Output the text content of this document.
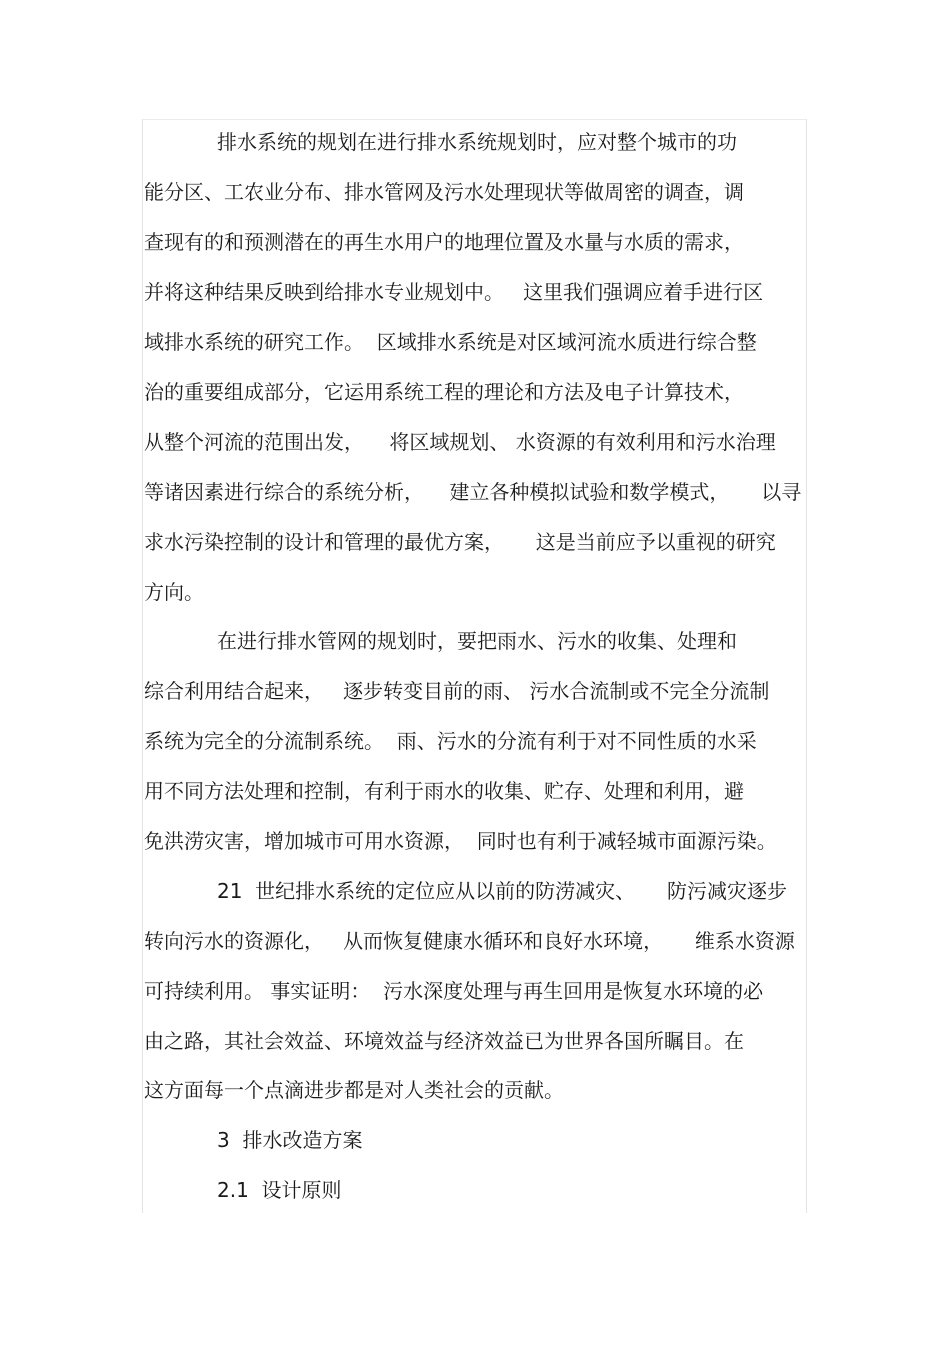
排水系统的规划在进行排水系统规划时，应对整个城市的功
能分区、工农业分布、排水管网及污水处理现状等做周密的调查，调
查现有的和预测潜在的再生水用户的地理位置及水量与水质的需求，
并将这种结果反映到给排水专业规划中。   这里我们强调应着手进行区
域排水系统的研究工作。  区域排水系统是对区域河流水质进行综合整
治的重要组成部分，它运用系统工程的理论和方法及电子计算技术，
从整个河流的范围出发，    将区域规划、 水资源的有效利用和污水治理
等诸因素进行综合的系统分析，    建立各种模拟试验和数学模式，     以寻
求水污染控制的设计和管理的最优方案，     这是当前应予以重视的研究
方向。
在进行排水管网的规划时，要把雨水、污水的收集、处理和
综合利用结合起来，   逐步转变目前的雨、 污水合流制或不完全分流制
系统为完全的分流制系统。  雨、污水的分流有利于对不同性质的水采
用不同方法处理和控制，有利于雨水的收集、贮存、处理和利用，避
免洪涝灾害，增加城市可用水资源，  同时也有利于减轻城市面源污染。
21  世纪排水系统的定位应从以前的防涝减灾、     防污减灾逐步
转向污水的资源化，   从而恢复健康水循环和良好水环境，     维系水资源
可持续利用。 事实证明：  污水深度处理与再生回用是恢复水环境的必
由之路，其社会效益、环境效益与经济效益已为世界各国所瞩目。在
这方面每一个点滴进步都是对人类社会的贡献。
3  排水改造方案
2.1  设计原则
